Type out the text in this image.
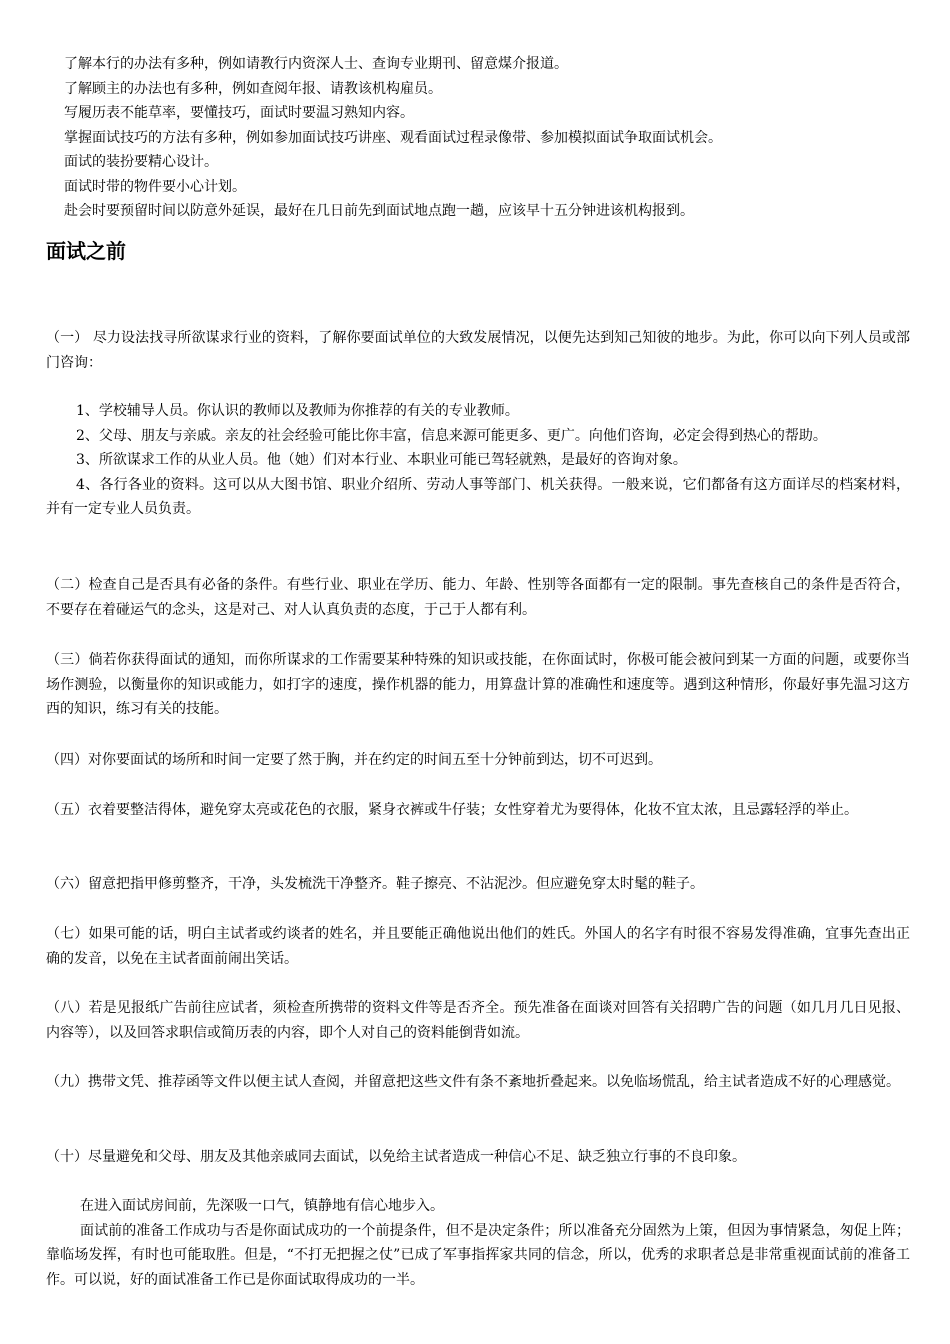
了解本行的办法有多种，例如请教行内资深人士、查询专业期刊、留意煤介报道。

了解顾主的办法也有多种，例如查阅年报、请教该机构雇员。

写履历表不能草率，要懂技巧，面试时要温习熟知内容。

掌握面试技巧的方法有多种，例如参加面试技巧讲座、观看面试过程录像带、参加模拟面试争取面试机会。

面试的装扮要精心设计。

面试时带的物件要小心计划。

赴会时要预留时间以防意外延误，最好在几日前先到面试地点跑一趟，应该早十五分钟进该机构报到。

面试之前

（一） 尽力设法找寻所欲谋求行业的资料，了解你要面试单位的大致发展情况，以便先达到知己知彼的地步。为此，你可以向下列人员或部门咨询：

1、学校辅导人员。你认识的教师以及教师为你推荐的有关的专业教师。

2、父母、朋友与亲戚。亲友的社会经验可能比你丰富，信息来源可能更多、更广。向他们咨询，必定会得到热心的帮助。

3、所欲谋求工作的从业人员。他（她）们对本行业、本职业可能已驾轻就熟，是最好的咨询对象。

4、各行各业的资料。这可以从大图书馆、职业介绍所、劳动人事等部门、机关获得。一般来说，它们都备有这方面详尽的档案材料，并有一定专业人员负责。

（二）检查自己是否具有必备的条件。有些行业、职业在学历、能力、年龄、性别等各面都有一定的限制。事先查核自己的条件是否符合，不要存在着碰运气的念头，这是对己、对人认真负责的态度，于己于人都有利。

（三）倘若你获得面试的通知，而你所谋求的工作需要某种特殊的知识或技能，在你面试时，你极可能会被问到某一方面的问题，或要你当场作测验，以衡量你的知识或能力，如打字的速度，操作机器的能力，用算盘计算的准确性和速度等。遇到这种情形，你最好事先温习这方西的知识，练习有关的技能。

（四）对你要面试的场所和时间一定要了然于胸，并在约定的时间五至十分钟前到达，切不可迟到。

（五）衣着要整洁得体，避免穿太亮或花色的衣服，紧身衣裤或牛仔装；女性穿着尤为要得体，化妆不宜太浓，且忌露轻浮的举止。

（六）留意把指甲修剪整齐，干净，头发梳洗干净整齐。鞋子擦亮、不沾泥沙。但应避免穿太时髦的鞋子。

（七）如果可能的话，明白主试者或约谈者的姓名，并且要能正确他说出他们的姓氏。外国人的名字有时很不容易发得准确，宜事先查出正确的发音，以免在主试者面前闹出笑话。

（八）若是见报纸广告前往应试者，须检查所携带的资料文件等是否齐全。预先准备在面谈对回答有关招聘广告的问题（如几月几日见报、内容等），以及回答求职信或简历表的内容，即个人对自己的资料能倒背如流。

（九）携带文凭、推荐函等文件以便主试人查阅，并留意把这些文件有条不紊地折叠起来。以免临场慌乱，给主试者造成不好的心理感觉。

（十）尽量避免和父母、朋友及其他亲戚同去面试，以免给主试者造成一种信心不足、缺乏独立行事的不良印象。

在进入面试房间前，先深吸一口气，镇静地有信心地步入。

面试前的准备工作成功与否是你面试成功的一个前提条件，但不是决定条件；所以准备充分固然为上策，但因为事情紧急，匆促上阵；靠临场发挥，有时也可能取胜。但是，“不打无把握之仗”已成了军事指挥家共同的信念，所以，优秀的求职者总是非常重视面试前的准备工作。可以说，好的面试准备工作已是你面试取得成功的一半。
